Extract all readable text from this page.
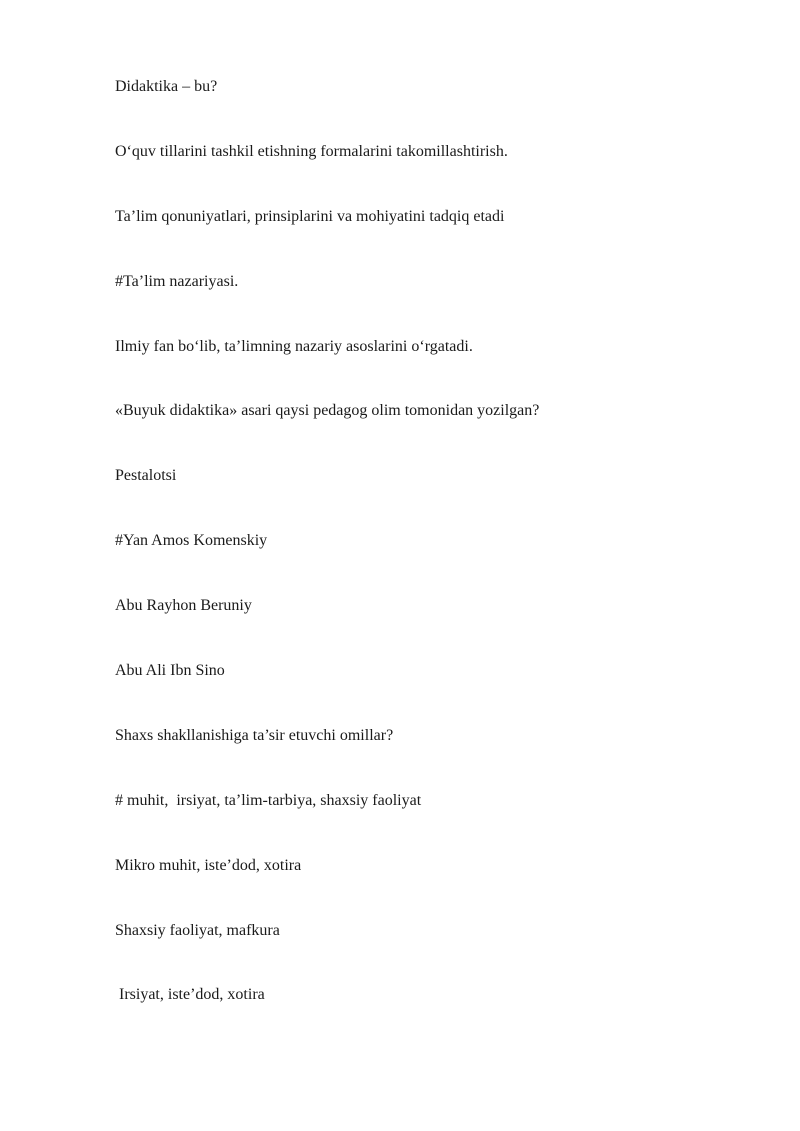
Didaktika – bu?
O‘quv tillarini tashkil etishning formalarini takomillashtirish.
Ta’lim qonuniyatlari, prinsiplarini va mohiyatini tadqiq etadi
#Ta’lim nazariyasi.
Ilmiy fan bo‘lib, ta’limning nazariy asoslarini o‘rgatadi.
«Buyuk didaktika» asari qaysi pedagog olim tomonidan yozilgan?
Pestalotsi
#Yan Amos Komenskiy
Abu Rayhon Beruniy
Abu Ali Ibn Sino
Shaxs shakllanishiga ta’sir etuvchi omillar?
# muhit,  irsiyat, ta’lim-tarbiya, shaxsiy faoliyat
Mikro muhit, iste’dod, xotira
Shaxsiy faoliyat, mafkura
Irsiyat, iste’dod, xotira
